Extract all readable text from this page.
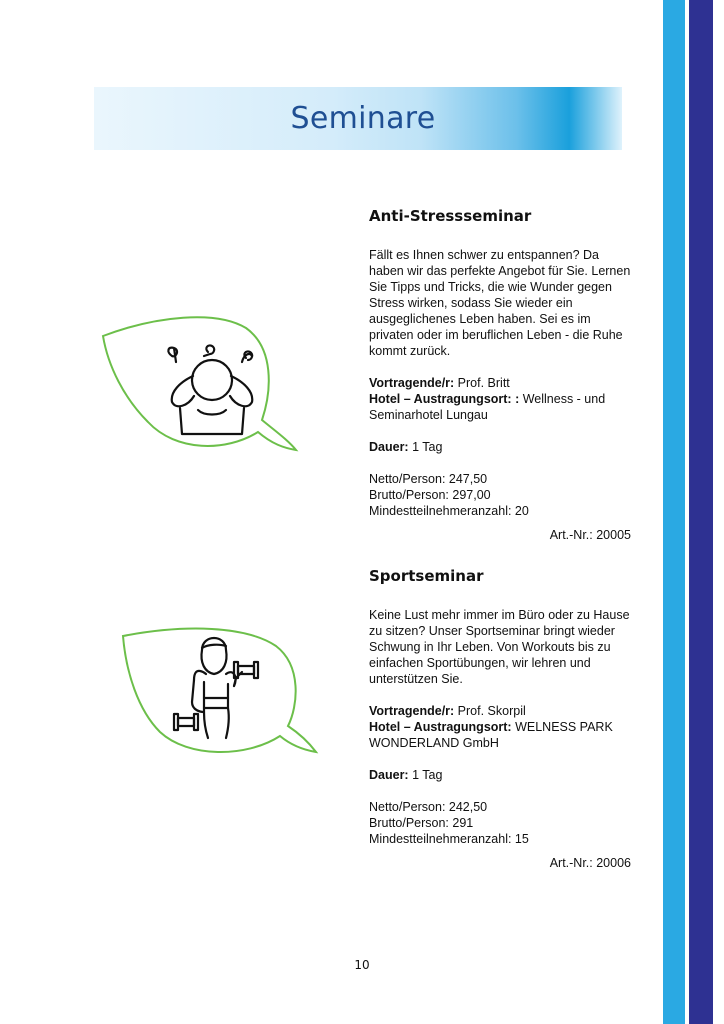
Seminare
Anti-Stressseminar

Fällt es Ihnen schwer zu entspannen? Da haben wir das perfekte Angebot für Sie. Lernen Sie Tipps und Tricks, die wie Wunder gegen Stress wirken, sodass Sie wieder ein ausgeglichenes Leben haben. Sei es im privaten oder im beruflichen Leben - die Ruhe kommt zurück.

Vortragende/r: Prof. Britt

Hotel – Austragungsort: : Wellness - und Seminarhotel Lungau

Dauer: 1 Tag

Netto/Person: 247,50

Brutto/Person: 297,00

Mindestteilnehmeranzahl: 20

Art.-Nr.: 20005

Sportseminar

Keine Lust mehr immer im Büro oder zu Hause zu sitzen? Unser Sportseminar bringt wieder Schwung in Ihr Leben. Von Workouts bis zu einfachen Sportübungen, wir lehren und unterstützen Sie.

Vortragende/r: Prof. Skorpil

Hotel – Austragungsort: WELNESS PARK WONDERLAND GmbH

Dauer: 1 Tag

Netto/Person: 242,50

Brutto/Person: 291

Mindestteilnehmeranzahl: 15

Art.-Nr.: 20006

10
